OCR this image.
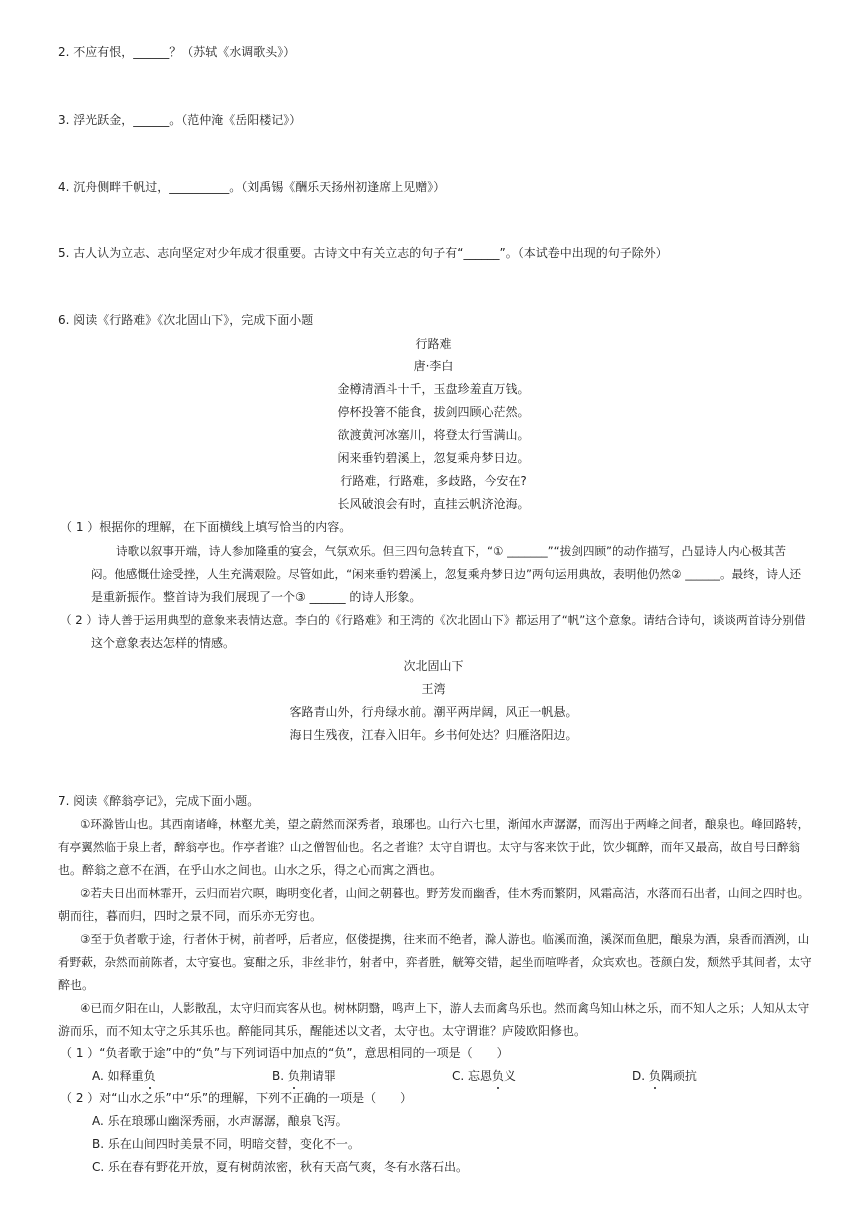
2. 不应有恨，______？（苏轼《水调歌头》）
3. 浮光跃金，______。（范仲淹《岳阳楼记》）
4. 沉舟侧畔千帆过，__________。（刘禹锡《酬乐天扬州初逢席上见赠》）
5. 古人认为立志、志向坚定对少年成才很重要。古诗文中有关立志的句子有“______”。（本试卷中出现的句子除外）
6. 阅读《行路难》《次北固山下》，完成下面小题
行路难
唐·李白
金樽清酒斗十千，玉盘珍羞直万钱。
停杯投箸不能食，拔剑四顾心茫然。
欲渡黄河冰塞川，将登太行雪满山。
闲来垂钓碧溪上，忽复乘舟梦日边。
行路难，行路难，多歧路，今安在?
长风破浪会有时，直挂云帆济沧海。
（ 1 ）根据你的理解，在下面横线上填写恰当的内容。
诗歌以叙事开端，诗人参加隆重的宴会，气氛欢乐。但三四句急转直下，“① _______”“拔剑四顾”的动作描写，凸显诗人内心极其苦
闷。他感慨仕途受挫，人生充满艰险。尽管如此，“闲来垂钓碧溪上，忽复乘舟梦日边”两句运用典故，表明他仍然② ______。最终，诗人还
是重新振作。整首诗为我们展现了一个③ ______ 的诗人形象。
（ 2 ）诗人善于运用典型的意象来表情达意。李白的《行路难》和王湾的《次北固山下》都运用了“帆”这个意象。请结合诗句，谈谈两首诗分别借
这个意象表达怎样的情感。
次北固山下
王湾
客路青山外，行舟绿水前。潮平两岸阔，风正一帆悬。
海日生残夜，江春入旧年。乡书何处达？归雁洛阳边。
7. 阅读《醉翁亭记》，完成下面小题。
①环滁皆山也。其西南诸峰，林壑尤美，望之蔚然而深秀者，琅琊也。山行六七里，渐闻水声潺潺，而泻出于两峰之间者，酿泉也。峰回路转，
有亭翼然临于泉上者，醉翁亭也。作亭者谁？山之僧智仙也。名之者谁？太守自谓也。太守与客来饮于此，饮少辄醉，而年又最高，故自号曰醉翁
也。醉翁之意不在酒，在乎山水之间也。山水之乐，得之心而寓之酒也。
②若夫日出而林霏开，云归而岩穴暝，晦明变化者，山间之朝暮也。野芳发而幽香，佳木秀而繁阴，风霜高洁，水落而石出者，山间之四时也。
朝而往，暮而归，四时之景不同，而乐亦无穷也。
③至于负者歌于途，行者休于树，前者呼，后者应，伛偻提携，往来而不绝者，滁人游也。临溪而渔，溪深而鱼肥，酿泉为酒，泉香而酒洌，山
肴野蔌，杂然而前陈者，太守宴也。宴酣之乐，非丝非竹，射者中，弈者胜，觥筹交错，起坐而喧哗者，众宾欢也。苍颜白发，颓然乎其间者，太守
醉也。
④已而夕阳在山，人影散乱，太守归而宾客从也。树林阴翳，鸣声上下，游人去而禽鸟乐也。然而禽鸟知山林之乐，而不知人之乐；人知从太守
游而乐，而不知太守之乐其乐也。醉能同其乐，醒能述以文者，太守也。太守谓谁？庐陵欧阳修也。
（ 1 ）“负者歌于途”中的“负”与下列词语中加点的“负”，意思相同的一项是（　　）
A. 如释重负	B. 负荆请罪	C. 忘恩负义	D. 负隅顽抗
（ 2 ）对“山水之乐”中“乐”的理解，下列不正确的一项是（　　）
A. 乐在琅琊山幽深秀丽，水声潺潺，酿泉飞泻。
B. 乐在山间四时美景不同，明暗交替，变化不一。
C. 乐在春有野花开放，夏有树荫浓密，秋有天高气爽，冬有水落石出。
